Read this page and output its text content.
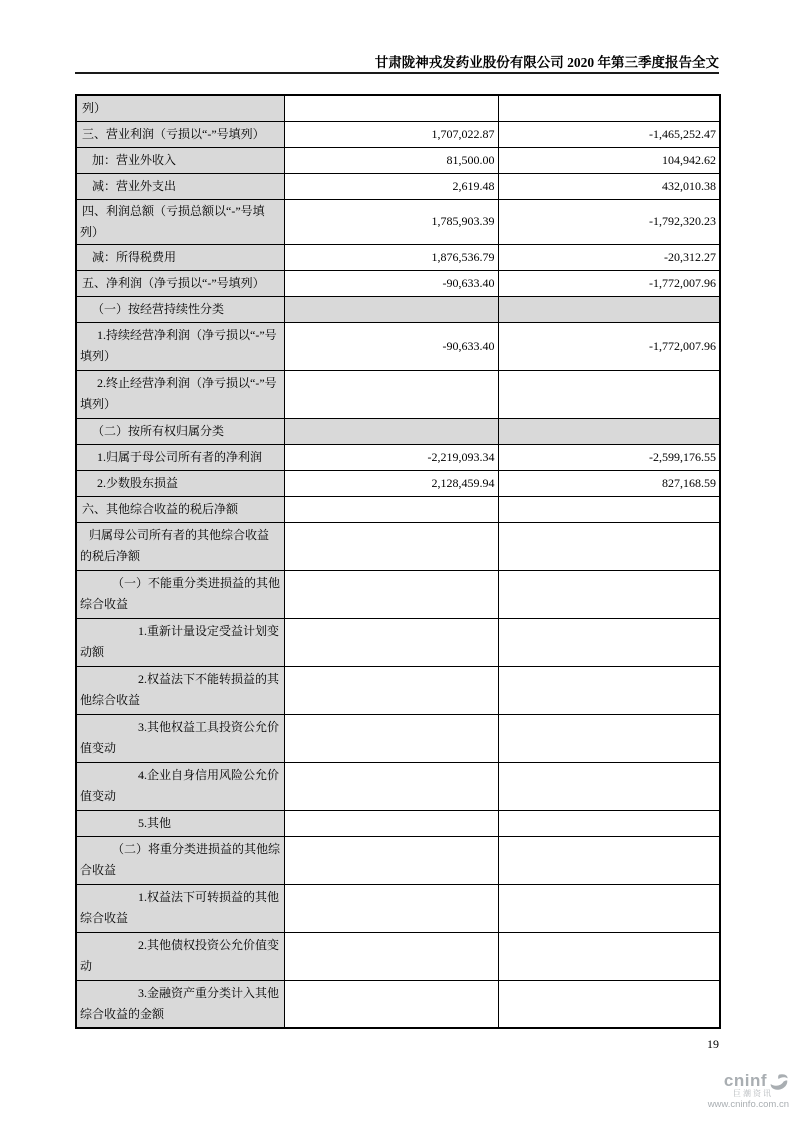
甘肃陇神戎发药业股份有限公司 2020 年第三季度报告全文
列）		
三、营业利润（亏损以“-”号填列）	1,707,022.87	-1,465,252.47
加：营业外收入	81,500.00	104,942.62
减：营业外支出	2,619.48	432,010.38
四、利润总额（亏损总额以“-”号填列）	1,785,903.39	-1,792,320.23
减：所得税费用	1,876,536.79	-20,312.27
五、净利润（净亏损以“-”号填列）	-90,633.40	-1,772,007.96
（一）按经营持续性分类		
1.持续经营净利润（净亏损以“-”号填列）	-90,633.40	-1,772,007.96
2.终止经营净利润（净亏损以“-”号填列）		
（二）按所有权归属分类		
1.归属于母公司所有者的净利润	-2,219,093.34	-2,599,176.55
2.少数股东损益	2,128,459.94	827,168.59
六、其他综合收益的税后净额		
归属母公司所有者的其他综合收益的税后净额		
（一）不能重分类进损益的其他综合收益		
1.重新计量设定受益计划变动额		
2.权益法下不能转损益的其他综合收益		
3.其他权益工具投资公允价值变动		
4.企业自身信用风险公允价值变动		
5.其他		
（二）将重分类进损益的其他综合收益		
1.权益法下可转损益的其他综合收益		
2.其他债权投资公允价值变动		
3.金融资产重分类计入其他综合收益的金额		
19
cninf
巨潮资讯
www.cninfo.com.cn
